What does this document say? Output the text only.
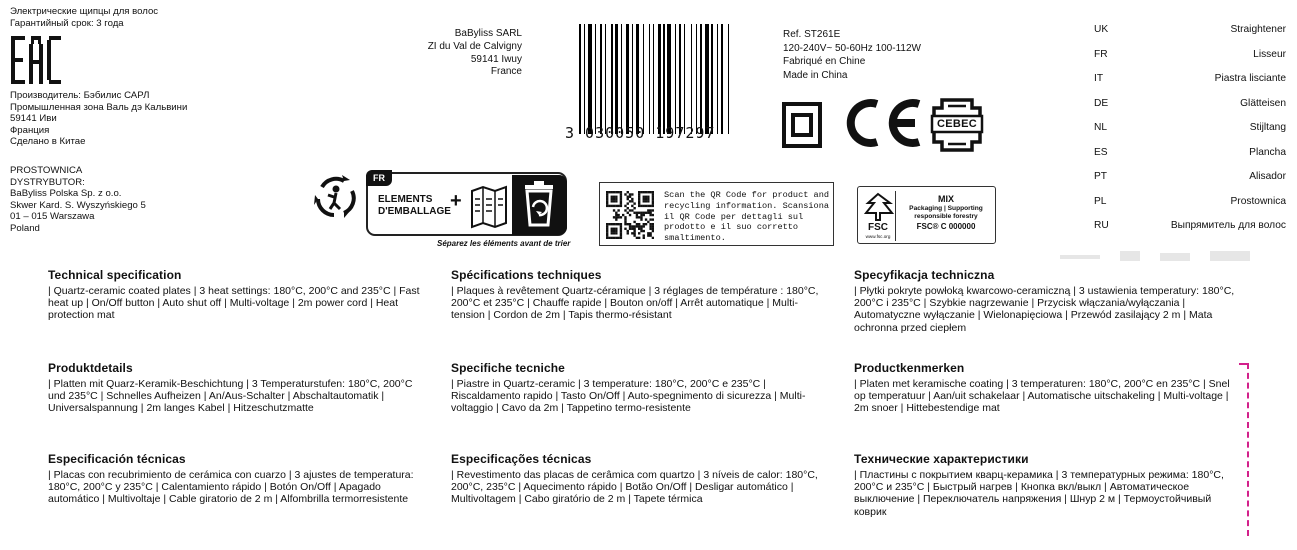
Электрические щипцы для волос
Гарантийный срок: 3 года
Производитель: Бэбилис САРЛ
Промышленная зона Валь дэ Кальвини
59141 Иви
Франция
Сделано в Китае
PROSTOWNICA
DYSTRYBUTOR:
BaByliss Polska Sp. z o.o.
Skwer Kard. S. Wyszyńskiego 5
01 – 015 Warszawa
Poland
BaByliss SARL
ZI du Val de Calvigny
59141 Iwuy
France
3 030050 197297
Ref. ST261E
120-240V~ 50-60Hz 100-112W
Fabriqué en Chine
Made in China
CEBEC
UK	Straightener
FR	Lisseur
IT	Piastra lisciante
DE	Glätteisen
NL	Stijltang
ES	Plancha
PT	Alisador
PL	Prostownica
RU	Выпрямитель для волос
FR
ELEMENTS
D'EMBALLAGE +
Séparez les éléments avant de trier
Scan the QR Code for product and recycling information. Scansiona il QR Code per dettagli sul prodotto e il suo corretto smaltimento.
FSC
www.fsc.org
MIX
Packaging | Supporting
responsible forestry
FSC® C 000000
Technical specification

| Quartz-ceramic coated plates | 3 heat settings: 180°C, 200°C and 235°C | Fast heat up | On/Off button | Auto shut off | Multi-voltage | 2m power cord | Heat protection mat

Spécifications techniques

| Plaques à revêtement Quartz-céramique | 3 réglages de température : 180°C, 200°C et 235°C | Chauffe rapide | Bouton on/off | Arrêt automatique | Multi-tension | Cordon de 2m | Tapis thermo-résistant

Specyfikacja techniczna

| Płytki pokryte powłoką kwarcowo-ceramiczną | 3 ustawienia temperatury: 180°C, 200°C i 235°C | Szybkie nagrzewanie | Przycisk włączania/wyłączania | Automatyczne wyłączanie | Wielonapięciowa | Przewód zasilający 2 m | Mata ochronna przed ciepłem

Produktdetails

| Platten mit Quarz-Keramik-Beschichtung | 3 Temperaturstufen: 180°C, 200°C und 235°C | Schnelles Aufheizen | An/Aus-Schalter | Abschaltautomatik | Universalspannung | 2m langes Kabel | Hitzeschutzmatte

Specifiche tecniche

| Piastre in Quartz-ceramic | 3 temperature: 180°C, 200°C e 235°C | Riscaldamento rapido | Tasto On/Off | Auto-spegnimento di sicurezza | Multi-voltaggio | Cavo da 2m | Tappetino termo-resistente

Productkenmerken

| Platen met keramische coating | 3 temperaturen: 180°C, 200°C en 235°C | Snel op temperatuur | Aan/uit schakelaar | Automatische uitschakeling | Multi-voltage | 2m snoer | Hittebestendige mat

Especificación técnicas

| Placas con recubrimiento de cerámica con cuarzo | 3 ajustes de temperatura: 180°C, 200°C y 235°C | Calentamiento rápido | Botón On/Off | Apagado automático | Multivoltaje | Cable giratorio de 2 m | Alfombrilla termorresistente

Especificações técnicas

| Revestimento das placas de cerâmica com quartzo | 3 níveis de calor: 180°C, 200°C, 235°C | Aquecimento rápido | Botão On/Off | Desligar automático | Multivoltagem | Cabo giratório de 2 m | Tapete térmica

Технические характеристики

| Пластины с покрытием кварц-керамика | 3 температурных режима: 180°C, 200°C и 235°C | Быстрый нагрев | Кнопка вкл/выкл | Автоматическое выключение | Переключатель напряжения | Шнур 2 м | Термоустойчивый коврик
